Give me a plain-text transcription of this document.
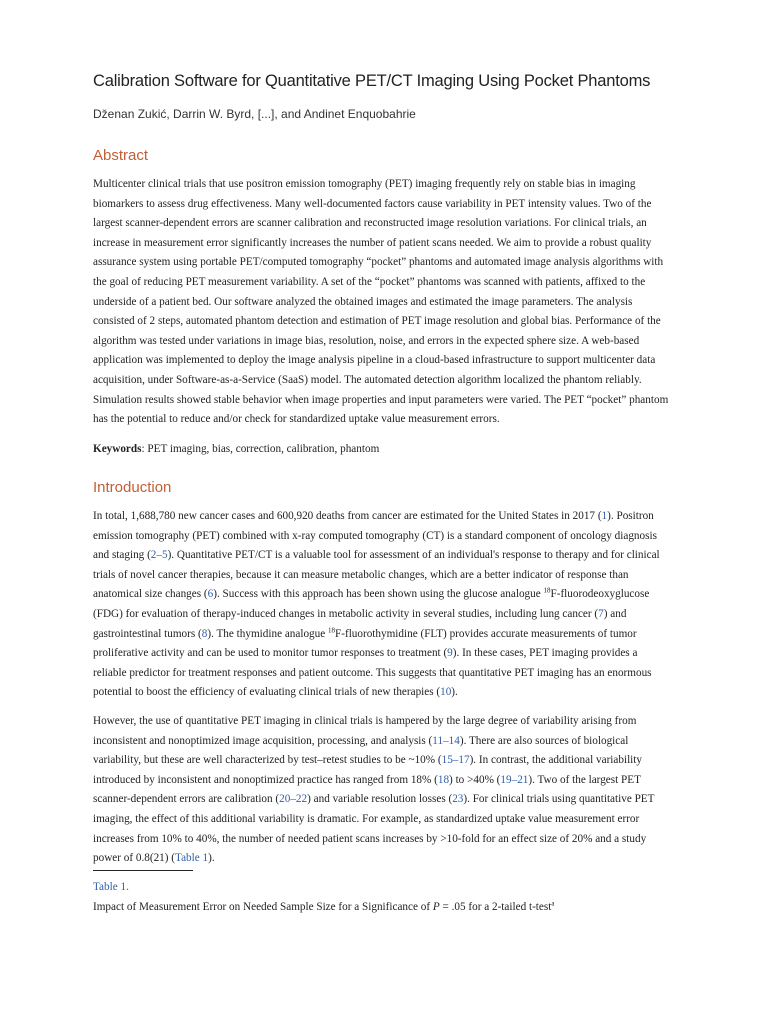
Calibration Software for Quantitative PET/CT Imaging Using Pocket Phantoms
Dženan Zukić, Darrin W. Byrd, [...], and Andinet Enquobahrie
Abstract
Multicenter clinical trials that use positron emission tomography (PET) imaging frequently rely on stable bias in imaging biomarkers to assess drug effectiveness. Many well-documented factors cause variability in PET intensity values. Two of the largest scanner-dependent errors are scanner calibration and reconstructed image resolution variations. For clinical trials, an increase in measurement error significantly increases the number of patient scans needed. We aim to provide a robust quality assurance system using portable PET/computed tomography “pocket” phantoms and automated image analysis algorithms with the goal of reducing PET measurement variability. A set of the “pocket” phantoms was scanned with patients, affixed to the underside of a patient bed. Our software analyzed the obtained images and estimated the image parameters. The analysis consisted of 2 steps, automated phantom detection and estimation of PET image resolution and global bias. Performance of the algorithm was tested under variations in image bias, resolution, noise, and errors in the expected sphere size. A web-based application was implemented to deploy the image analysis pipeline in a cloud-based infrastructure to support multicenter data acquisition, under Software-as-a-Service (SaaS) model. The automated detection algorithm localized the phantom reliably. Simulation results showed stable behavior when image properties and input parameters were varied. The PET “pocket” phantom has the potential to reduce and/or check for standardized uptake value measurement errors.
Keywords: PET imaging, bias, correction, calibration, phantom
Introduction
In total, 1,688,780 new cancer cases and 600,920 deaths from cancer are estimated for the United States in 2017 (1). Positron emission tomography (PET) combined with x-ray computed tomography (CT) is a standard component of oncology diagnosis and staging (2–5). Quantitative PET/CT is a valuable tool for assessment of an individual's response to therapy and for clinical trials of novel cancer therapies, because it can measure metabolic changes, which are a better indicator of response than anatomical size changes (6). Success with this approach has been shown using the glucose analogue $^{18}$F-fluorodeoxyglucose (FDG) for evaluation of therapy-induced changes in metabolic activity in several studies, including lung cancer (7) and gastrointestinal tumors (8). The thymidine analogue $^{18}$F-fluorothymidine (FLT) provides accurate measurements of tumor proliferative activity and can be used to monitor tumor responses to treatment (9). In these cases, PET imaging provides a reliable predictor for treatment responses and patient outcome. This suggests that quantitative PET imaging has an enormous potential to boost the efficiency of evaluating clinical trials of new therapies (10).
However, the use of quantitative PET imaging in clinical trials is hampered by the large degree of variability arising from inconsistent and nonoptimized image acquisition, processing, and analysis (11–14). There are also sources of biological variability, but these are well characterized by test–retest studies to be ~10% (15–17). In contrast, the additional variability introduced by inconsistent and nonoptimized practice has ranged from 18% (18) to >40% (19–21). Two of the largest PET scanner-dependent errors are calibration (20–22) and variable resolution losses (23). For clinical trials using quantitative PET imaging, the effect of this additional variability is dramatic. For example, as standardized uptake value measurement error increases from 10% to 40%, the number of needed patient scans increases by >10-fold for an effect size of 20% and a study power of 0.8(21) (Table 1).
Table 1.
Impact of Measurement Error on Needed Sample Size for a Significance of P = .05 for a 2-tailed t-test$^a$
